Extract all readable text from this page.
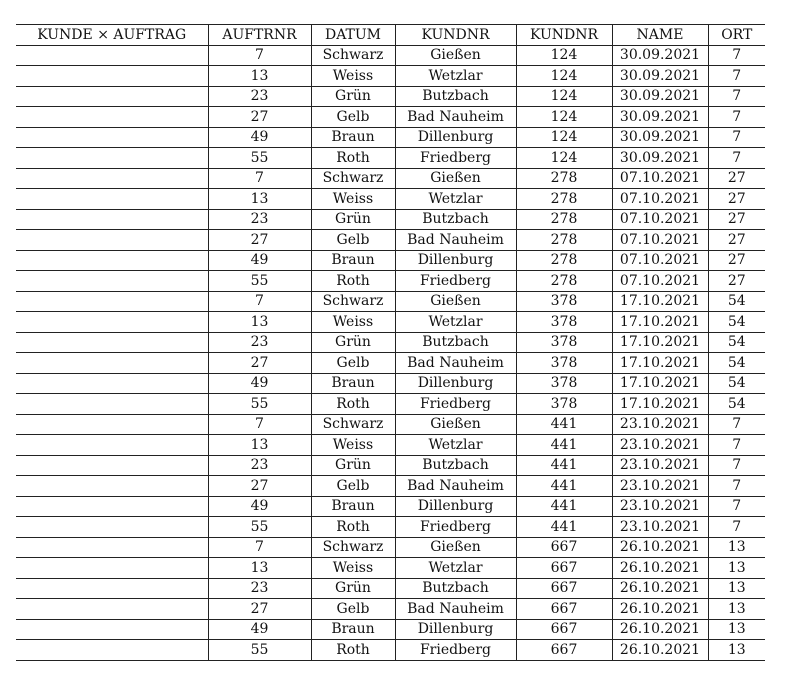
KUNDE × AUFTRAG	AUFTRNR	DATUM	KUNDNR	KUNDNR	NAME	ORT
	7	Schwarz	Gießen	124	30.09.2021	7
	13	Weiss	Wetzlar	124	30.09.2021	7
	23	Grün	Butzbach	124	30.09.2021	7
	27	Gelb	Bad Nauheim	124	30.09.2021	7
	49	Braun	Dillenburg	124	30.09.2021	7
	55	Roth	Friedberg	124	30.09.2021	7
	7	Schwarz	Gießen	278	07.10.2021	27
	13	Weiss	Wetzlar	278	07.10.2021	27
	23	Grün	Butzbach	278	07.10.2021	27
	27	Gelb	Bad Nauheim	278	07.10.2021	27
	49	Braun	Dillenburg	278	07.10.2021	27
	55	Roth	Friedberg	278	07.10.2021	27
	7	Schwarz	Gießen	378	17.10.2021	54
	13	Weiss	Wetzlar	378	17.10.2021	54
	23	Grün	Butzbach	378	17.10.2021	54
	27	Gelb	Bad Nauheim	378	17.10.2021	54
	49	Braun	Dillenburg	378	17.10.2021	54
	55	Roth	Friedberg	378	17.10.2021	54
	7	Schwarz	Gießen	441	23.10.2021	7
	13	Weiss	Wetzlar	441	23.10.2021	7
	23	Grün	Butzbach	441	23.10.2021	7
	27	Gelb	Bad Nauheim	441	23.10.2021	7
	49	Braun	Dillenburg	441	23.10.2021	7
	55	Roth	Friedberg	441	23.10.2021	7
	7	Schwarz	Gießen	667	26.10.2021	13
	13	Weiss	Wetzlar	667	26.10.2021	13
	23	Grün	Butzbach	667	26.10.2021	13
	27	Gelb	Bad Nauheim	667	26.10.2021	13
	49	Braun	Dillenburg	667	26.10.2021	13
	55	Roth	Friedberg	667	26.10.2021	13
